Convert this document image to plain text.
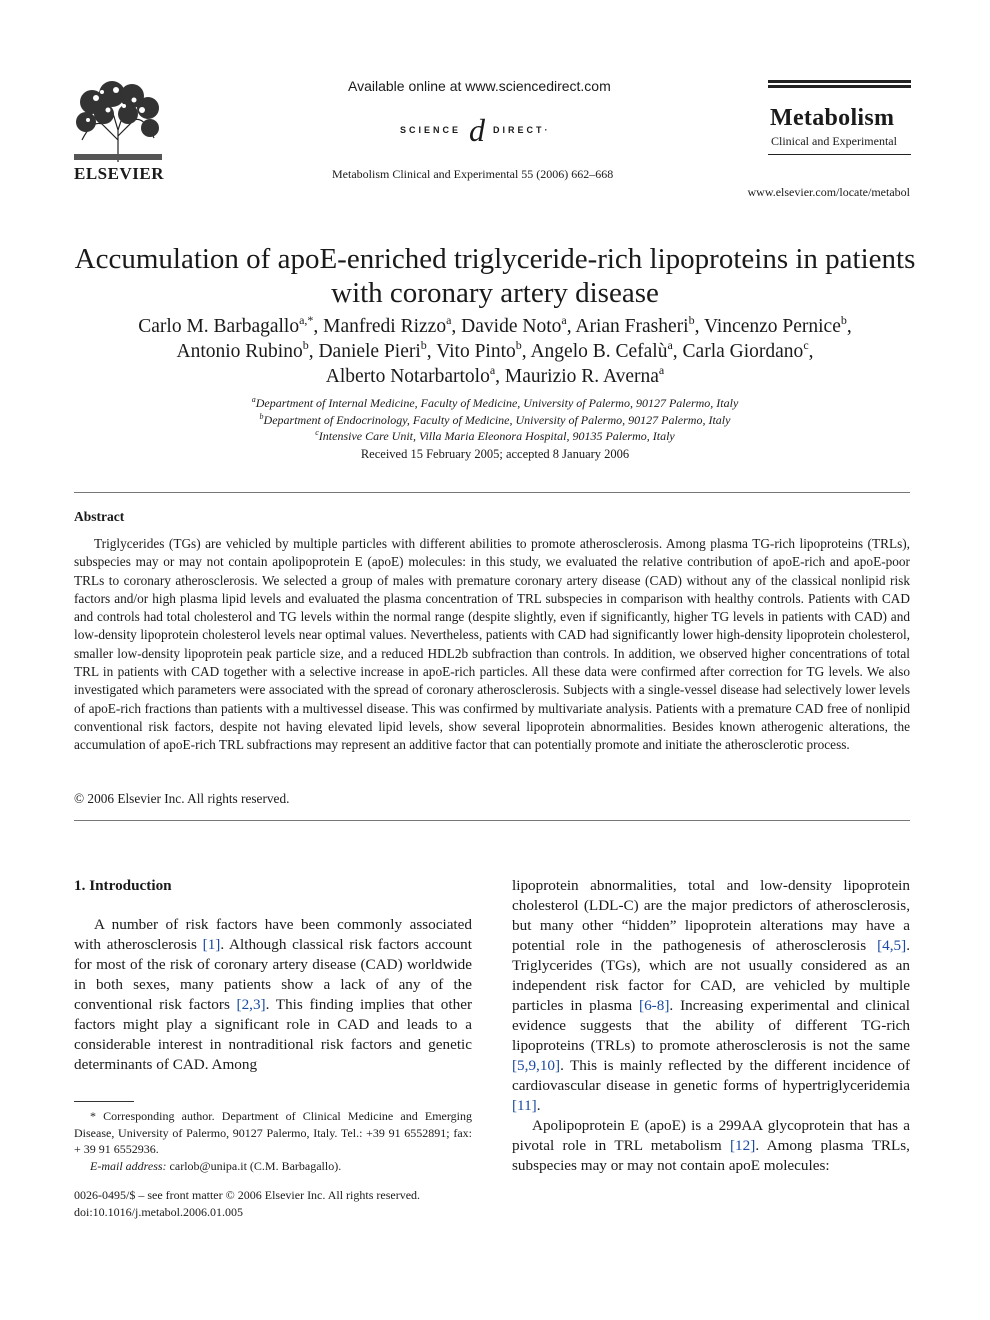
ELSEVIER
Available online at www.sciencedirect.com
SCIENCE d DIRECT·
Metabolism Clinical and Experimental 55 (2006) 662–668
Metabolism
Clinical and Experimental
www.elsevier.com/locate/metabol
Accumulation of apoE-enriched triglyceride-rich lipoproteins in patients
with coronary artery disease
Carlo M. Barbagallo$^{a,*}$, Manfredi Rizzo$^a$, Davide Noto$^a$, Arian Frasheri$^b$, Vincenzo Pernice$^b$,
Antonio Rubino$^b$, Daniele Pieri$^b$, Vito Pinto$^b$, Angelo B. Cefalù$^a$, Carla Giordano$^c$,
Alberto Notarbartolo$^a$, Maurizio R. Averna$^a$
$^a$Department of Internal Medicine, Faculty of Medicine, University of Palermo, 90127 Palermo, Italy
$^b$Department of Endocrinology, Faculty of Medicine, University of Palermo, 90127 Palermo, Italy
$^c$Intensive Care Unit, Villa Maria Eleonora Hospital, 90135 Palermo, Italy
Received 15 February 2005; accepted 8 January 2006
Abstract
Triglycerides (TGs) are vehicled by multiple particles with different abilities to promote atherosclerosis. Among plasma TG-rich lipoproteins (TRLs), subspecies may or may not contain apolipoprotein E (apoE) molecules: in this study, we evaluated the relative contribution of apoE-rich and apoE-poor TRLs to coronary atherosclerosis. We selected a group of males with premature coronary artery disease (CAD) without any of the classical nonlipid risk factors and/or high plasma lipid levels and evaluated the plasma concentration of TRL subspecies in comparison with healthy controls. Patients with CAD and controls had total cholesterol and TG levels within the normal range (despite slightly, even if significantly, higher TG levels in patients with CAD) and low-density lipoprotein cholesterol levels near optimal values. Nevertheless, patients with CAD had significantly lower high-density lipoprotein cholesterol, smaller low-density lipoprotein peak particle size, and a reduced HDL2b subfraction than controls. In addition, we observed higher concentrations of total TRL in patients with CAD together with a selective increase in apoE-rich particles. All these data were confirmed after correction for TG levels. We also investigated which parameters were associated with the spread of coronary atherosclerosis. Subjects with a single-vessel disease had selectively lower levels of apoE-rich fractions than patients with a multivessel disease. This was confirmed by multivariate analysis. Patients with a premature CAD free of nonlipid conventional risk factors, despite not having elevated lipid levels, show several lipoprotein abnormalities. Besides known atherogenic alterations, the accumulation of apoE-rich TRL subfractions may represent an additive factor that can potentially promote and initiate the atherosclerotic process.
© 2006 Elsevier Inc. All rights reserved.
1. Introduction
A number of risk factors have been commonly associated with atherosclerosis [1]. Although classical risk factors account for most of the risk of coronary artery disease (CAD) worldwide in both sexes, many patients show a lack of any of the conventional risk factors [2,3]. This finding implies that other factors might play a significant role in CAD and leads to a considerable interest in nontraditional risk factors and genetic determinants of CAD. Among

lipoprotein abnormalities, total and low-density lipoprotein cholesterol (LDL-C) are the major predictors of atherosclerosis, but many other “hidden” lipoprotein alterations may have a potential role in the pathogenesis of atherosclerosis [4,5]. Triglycerides (TGs), which are not usually considered as an independent risk factor for CAD, are vehicled by multiple particles in plasma [6-8]. Increasing experimental and clinical evidence suggests that the ability of different TG-rich lipoproteins (TRLs) to promote atherosclerosis is not the same [5,9,10]. This is mainly reflected by the different incidence of cardiovascular disease in genetic forms of hypertriglyceridemia [11].

Apolipoprotein E (apoE) is a 299AA glycoprotein that has a pivotal role in TRL metabolism [12]. Among plasma TRLs, subspecies may or may not contain apoE molecules:

* Corresponding author. Department of Clinical Medicine and Emerging Disease, University of Palermo, 90127 Palermo, Italy. Tel.: +39 91 6552891; fax: + 39 91 6552936.
E-mail address: carlob@unipa.it (C.M. Barbagallo).
0026-0495/$ – see front matter © 2006 Elsevier Inc. All rights reserved.
doi:10.1016/j.metabol.2006.01.005
